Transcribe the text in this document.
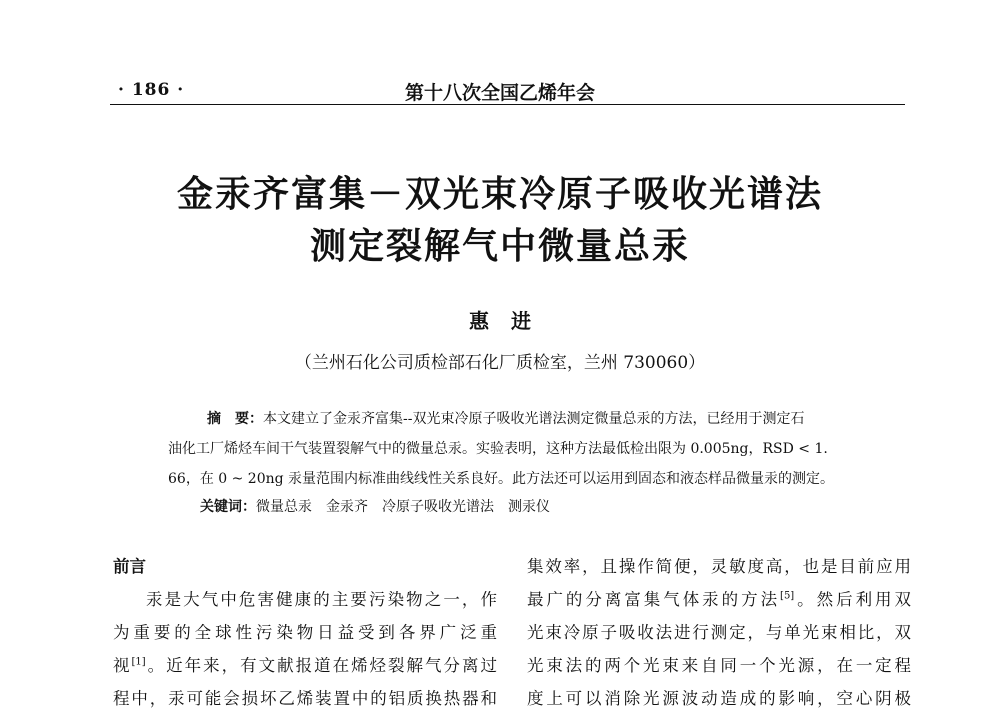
· 186 ·	第十八次全国乙烯年会
金汞齐富集－双光束冷原子吸收光谱法
测定裂解气中微量总汞
惠进
（兰州石化公司质检部石化厂质检室，兰州 730060）
摘　要：本文建立了金汞齐富集--双光束冷原子吸收光谱法测定微量总汞的方法，已经用于测定石
油化工厂烯烃车间干气装置裂解气中的微量总汞。实验表明，这种方法最低检出限为 0.005ng，RSD < 1.
66，在 0 ~ 20ng 汞量范围内标准曲线线性关系良好。此方法还可以运用到固态和液态样品微量汞的测定。
关键词：微量总汞　金汞齐　冷原子吸收光谱法　测汞仪
前言
汞是大气中危害健康的主要污染物之一，作
为重要的全球性污染物日益受到各界广泛重
视[1]。近年来，有文献报道在烯烃裂解气分离过
程中，汞可能会损坏乙烯装置中的铝质换热器和
集效率，且操作简便，灵敏度高，也是目前应用
最广的分离富集气体汞的方法[5]。然后利用双
光束冷原子吸收法进行测定，与单光束相比，双
光束法的两个光束来自同一个光源，在一定程
度上可以消除光源波动造成的影响，空心阴极
